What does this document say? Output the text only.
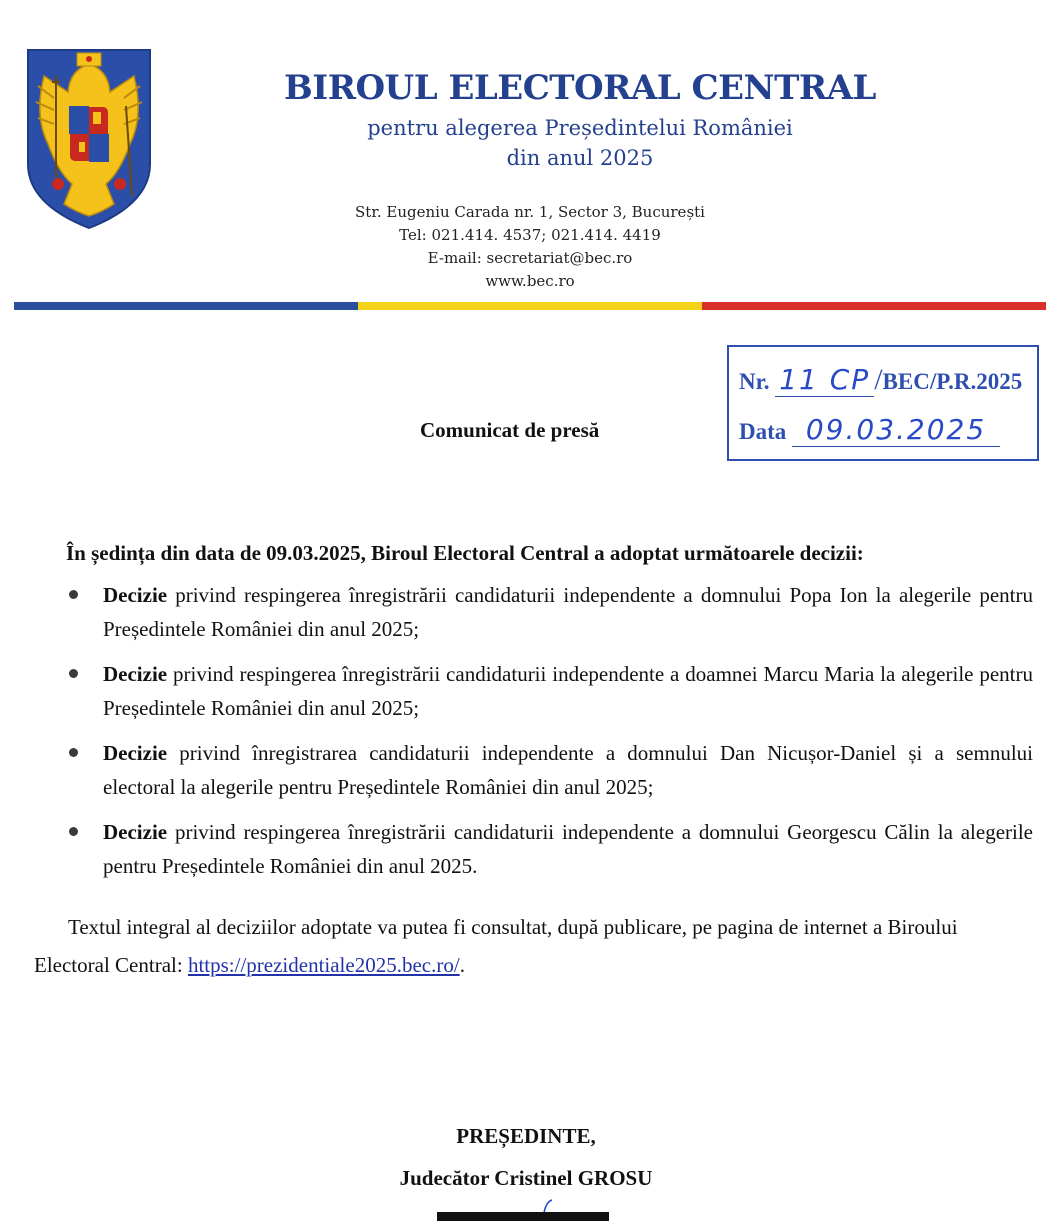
BIROUL ELECTORAL CENTRAL
pentru alegerea Președintelui României
din anul 2025
Str. Eugeniu Carada nr. 1, Sector 3, București
Tel: 021.414. 4537; 021.414. 4419
E-mail: secretariat@bec.ro
www.bec.ro
Nr. 11 CP /BEC/P.R.2025
Data 09.03.2025
Comunicat de presă
În ședința din data de 09.03.2025, Biroul Electoral Central a adoptat următoarele decizii:
Decizie privind respingerea înregistrării candidaturii independente a domnului Popa Ion la alegerile pentru Președintele României din anul 2025;
Decizie privind respingerea înregistrării candidaturii independente a doamnei Marcu Maria la alegerile pentru Președintele României din anul 2025;
Decizie privind înregistrarea candidaturii independente a domnului Dan Nicușor-Daniel și a semnului electoral la alegerile pentru Președintele României din anul 2025;
Decizie privind respingerea înregistrării candidaturii independente a domnului Georgescu Călin la alegerile pentru Președintele României din anul 2025.
Textul integral al deciziilor adoptate va putea fi consultat, după publicare, pe pagina de internet a Biroului Electoral Central: https://prezidentiale2025.bec.ro/.
PREȘEDINTE,
Judecător Cristinel GROSU
